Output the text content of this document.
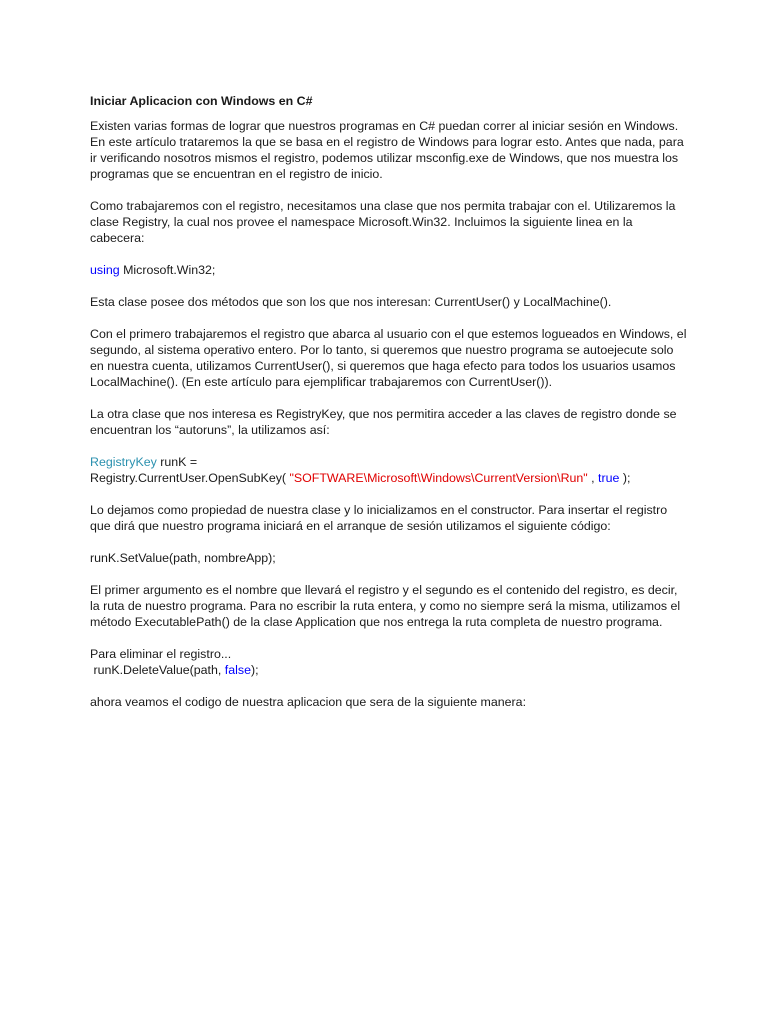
Iniciar Aplicacion con Windows en C#

Existen varias formas de lograr que nuestros programas en C# puedan correr al iniciar sesión en Windows. En este artículo trataremos la que se basa en el registro de Windows para lograr esto. Antes que nada, para ir verificando nosotros mismos el registro, podemos utilizar msconfig.exe de Windows, que nos muestra los programas que se encuentran en el registro de inicio.

Como trabajaremos con el registro, necesitamos una clase que nos permita trabajar con el. Utilizaremos la clase Registry, la cual nos provee el namespace Microsoft.Win32. Incluimos la siguiente linea en la cabecera:

using Microsoft.Win32;

Esta clase posee dos métodos que son los que nos interesan: CurrentUser() y LocalMachine().

Con el primero trabajaremos el registro que abarca al usuario con el que estemos logueados en Windows, el segundo, al sistema operativo entero. Por lo tanto, si queremos que nuestro programa se autoejecute solo en nuestra cuenta, utilizamos CurrentUser(), si queremos que haga efecto para todos los usuarios usamos LocalMachine(). (En este artículo para ejemplificar trabajaremos con CurrentUser()).

La otra clase que nos interesa es RegistryKey, que nos permitira acceder a las claves de registro donde se encuentran los “autoruns”, la utilizamos así:

RegistryKey runK =

Registry.CurrentUser.OpenSubKey( "SOFTWARE\Microsoft\Windows\CurrentVersion\Run" , true );

Lo dejamos como propiedad de nuestra clase y lo inicializamos en el constructor. Para insertar el registro que dirá que nuestro programa iniciará en el arranque de sesión utilizamos el siguiente código:

runK.SetValue(path, nombreApp);

El primer argumento es el nombre que llevará el registro y el segundo es el contenido del registro, es decir, la ruta de nuestro programa. Para no escribir la ruta entera, y como no siempre será la misma, utilizamos el método ExecutablePath() de la clase Application que nos entrega la ruta completa de nuestro programa.

Para eliminar el registro...

runK.DeleteValue(path, false);

ahora veamos el codigo de nuestra aplicacion que sera de la siguiente manera:
